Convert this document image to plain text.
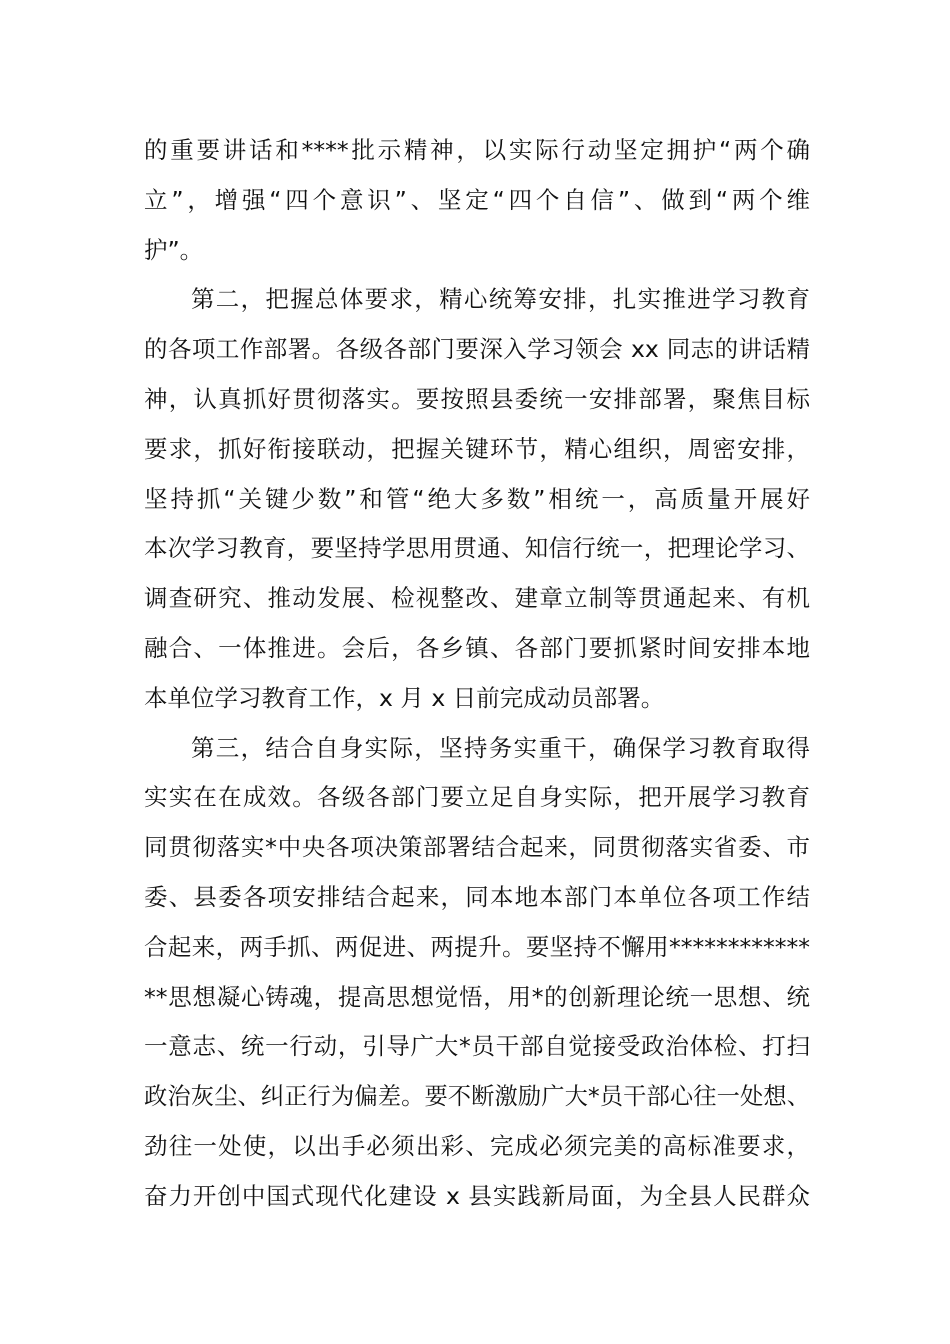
的重要讲话和****批示精神，以实际行动坚定拥护“两个确
立”，增强“四个意识”、坚定“四个自信”、做到“两个维
护”。
第二，把握总体要求，精心统筹安排，扎实推进学习教育
的各项工作部署。各级各部门要深入学习领会 xx 同志的讲话精
神，认真抓好贯彻落实。要按照县委统一安排部署，聚焦目标
要求，抓好衔接联动，把握关键环节，精心组织，周密安排，
坚持抓“关键少数”和管“绝大多数”相统一，高质量开展好
本次学习教育，要坚持学思用贯通、知信行统一，把理论学习、
调查研究、推动发展、检视整改、建章立制等贯通起来、有机
融合、一体推进。会后，各乡镇、各部门要抓紧时间安排本地
本单位学习教育工作，x 月 x 日前完成动员部署。
第三，结合自身实际，坚持务实重干，确保学习教育取得
实实在在成效。各级各部门要立足自身实际，把开展学习教育
同贯彻落实*中央各项决策部署结合起来，同贯彻落实省委、市
委、县委各项安排结合起来，同本地本部门本单位各项工作结
合起来，两手抓、两促进、两提升。要坚持不懈用************
**思想凝心铸魂，提高思想觉悟，用*的创新理论统一思想、统
一意志、统一行动，引导广大*员干部自觉接受政治体检、打扫
政治灰尘、纠正行为偏差。要不断激励广大*员干部心往一处想、
劲往一处使，以出手必须出彩、完成必须完美的高标准要求，
奋力开创中国式现代化建设 x 县实践新局面，为全县人民群众
